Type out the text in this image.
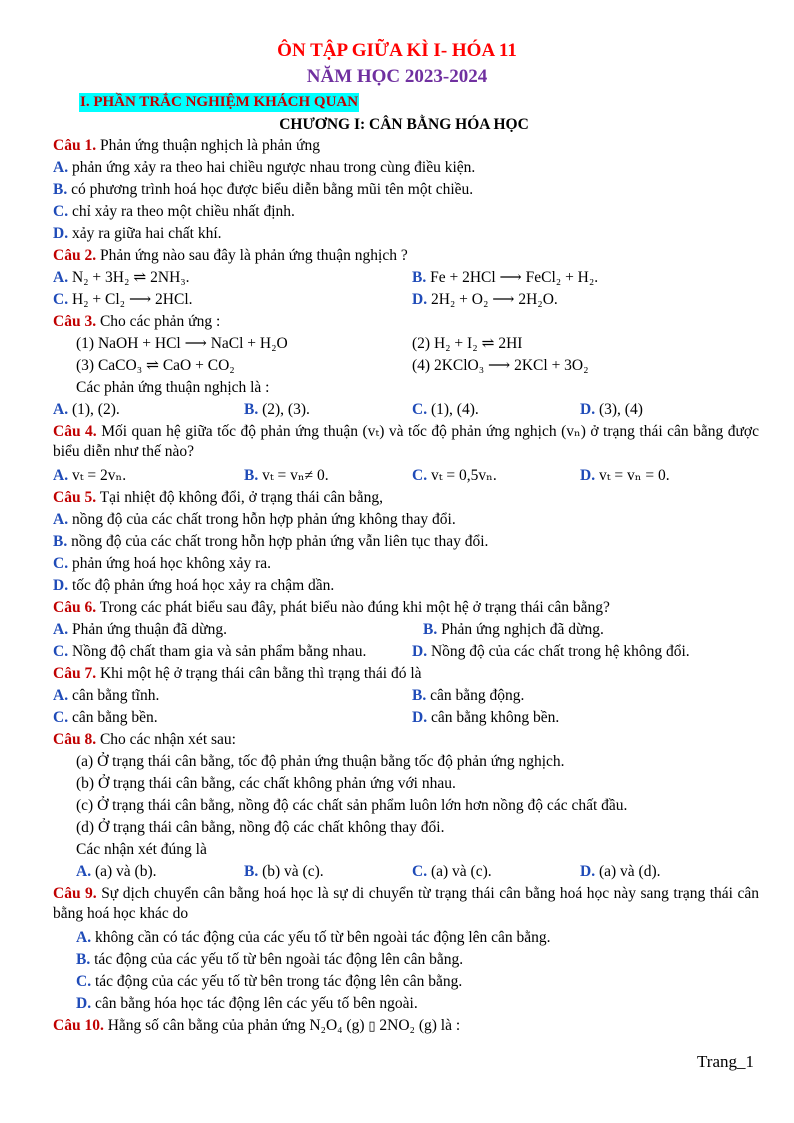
ÔN TẬP GIỮA KÌ I- HÓA 11
NĂM HỌC 2023-2024
I. PHẦN TRẮC NGHIỆM KHÁCH QUAN
CHƯƠNG I: CÂN BẰNG HÓA HỌC
Câu 1. Phản ứng thuận nghịch là phản ứng
A. phản ứng xảy ra theo hai chiều ngược nhau trong cùng điều kiện.
B. có phương trình hoá học được biểu diễn bằng mũi tên một chiều.
C. chỉ xảy ra theo một chiều nhất định.
D. xảy ra giữa hai chất khí.
Câu 2. Phản ứng nào sau đây là phản ứng thuận nghịch ?
A. N₂ + 3H₂ ⇌ 2NH₃.	B. Fe + 2HCl ⟶ FeCl₂ + H₂.
C. H₂ + Cl₂ ⟶ 2HCl.	D. 2H₂ + O₂ ⟶ 2H₂O.
Câu 3. Cho các phản ứng :
(1) NaOH + HCl ⟶ NaCl + H₂O	(2) H₂ + I₂ ⇌ 2HI
(3) CaCO₃ ⇌ CaO + CO₂	(4) 2KClO₃ ⟶ 2KCl + 3O₂
Các phản ứng thuận nghịch là :
A. (1), (2).	B. (2), (3).	C. (1), (4).	D. (3), (4)
Câu 4. Mối quan hệ giữa tốc độ phản ứng thuận (vₜ) và tốc độ phản ứng nghịch (vₙ) ở trạng thái cân bằng được biểu diễn như thế nào?
A. vₜ = 2vₙ.	B. vₜ = vₙ≠ 0.	C. vₜ = 0,5vₙ.	D. vₜ = vₙ = 0.
Câu 5. Tại nhiệt độ không đổi, ở trạng thái cân bằng,
A. nồng độ của các chất trong hỗn hợp phản ứng không thay đổi.
B. nồng độ của các chất trong hỗn hợp phản ứng vẫn liên tục thay đổi.
C. phản ứng hoá học không xảy ra.
D. tốc độ phản ứng hoá học xảy ra chậm dần.
Câu 6. Trong các phát biểu sau đây, phát biểu nào đúng khi một hệ ở trạng thái cân bằng?
A. Phản ứng thuận đã dừng.	B. Phản ứng nghịch đã dừng.
C. Nồng độ chất tham gia và sản phẩm bằng nhau.	D. Nồng độ của các chất trong hệ không đổi.
Câu 7. Khi một hệ ở trạng thái cân bằng thì trạng thái đó là
A. cân bằng tĩnh.	B. cân bằng động.
C. cân bằng bền.	D. cân bằng không bền.
Câu 8. Cho các nhận xét sau:
(a) Ở trạng thái cân bằng, tốc độ phản ứng thuận bằng tốc độ phản ứng nghịch.
(b) Ở trạng thái cân bằng, các chất không phản ứng với nhau.
(c) Ở trạng thái cân bằng, nồng độ các chất sản phẩm luôn lớn hơn nồng độ các chất đầu.
(d) Ở trạng thái cân bằng, nồng độ các chất không thay đổi.
Các nhận xét đúng là
A. (a) và (b).	B. (b) và (c).	C. (a) và (c).	D. (a) và (d).
Câu 9. Sự dịch chuyển cân bằng hoá học là sự di chuyển từ trạng thái cân bằng hoá học này sang trạng thái cân bằng hoá học khác do
A. không cần có tác động của các yếu tố từ bên ngoài tác động lên cân bằng.
B. tác động của các yếu tố từ bên ngoài tác động lên cân bằng.
C. tác động của các yếu tố từ bên trong tác động lên cân bằng.
D. cân bằng hóa học tác động lên các yếu tố bên ngoài.
Câu 10. Hằng số cân bằng của phản ứng N₂O₄ (g) ▯ 2NO₂ (g) là :
Trang_1
